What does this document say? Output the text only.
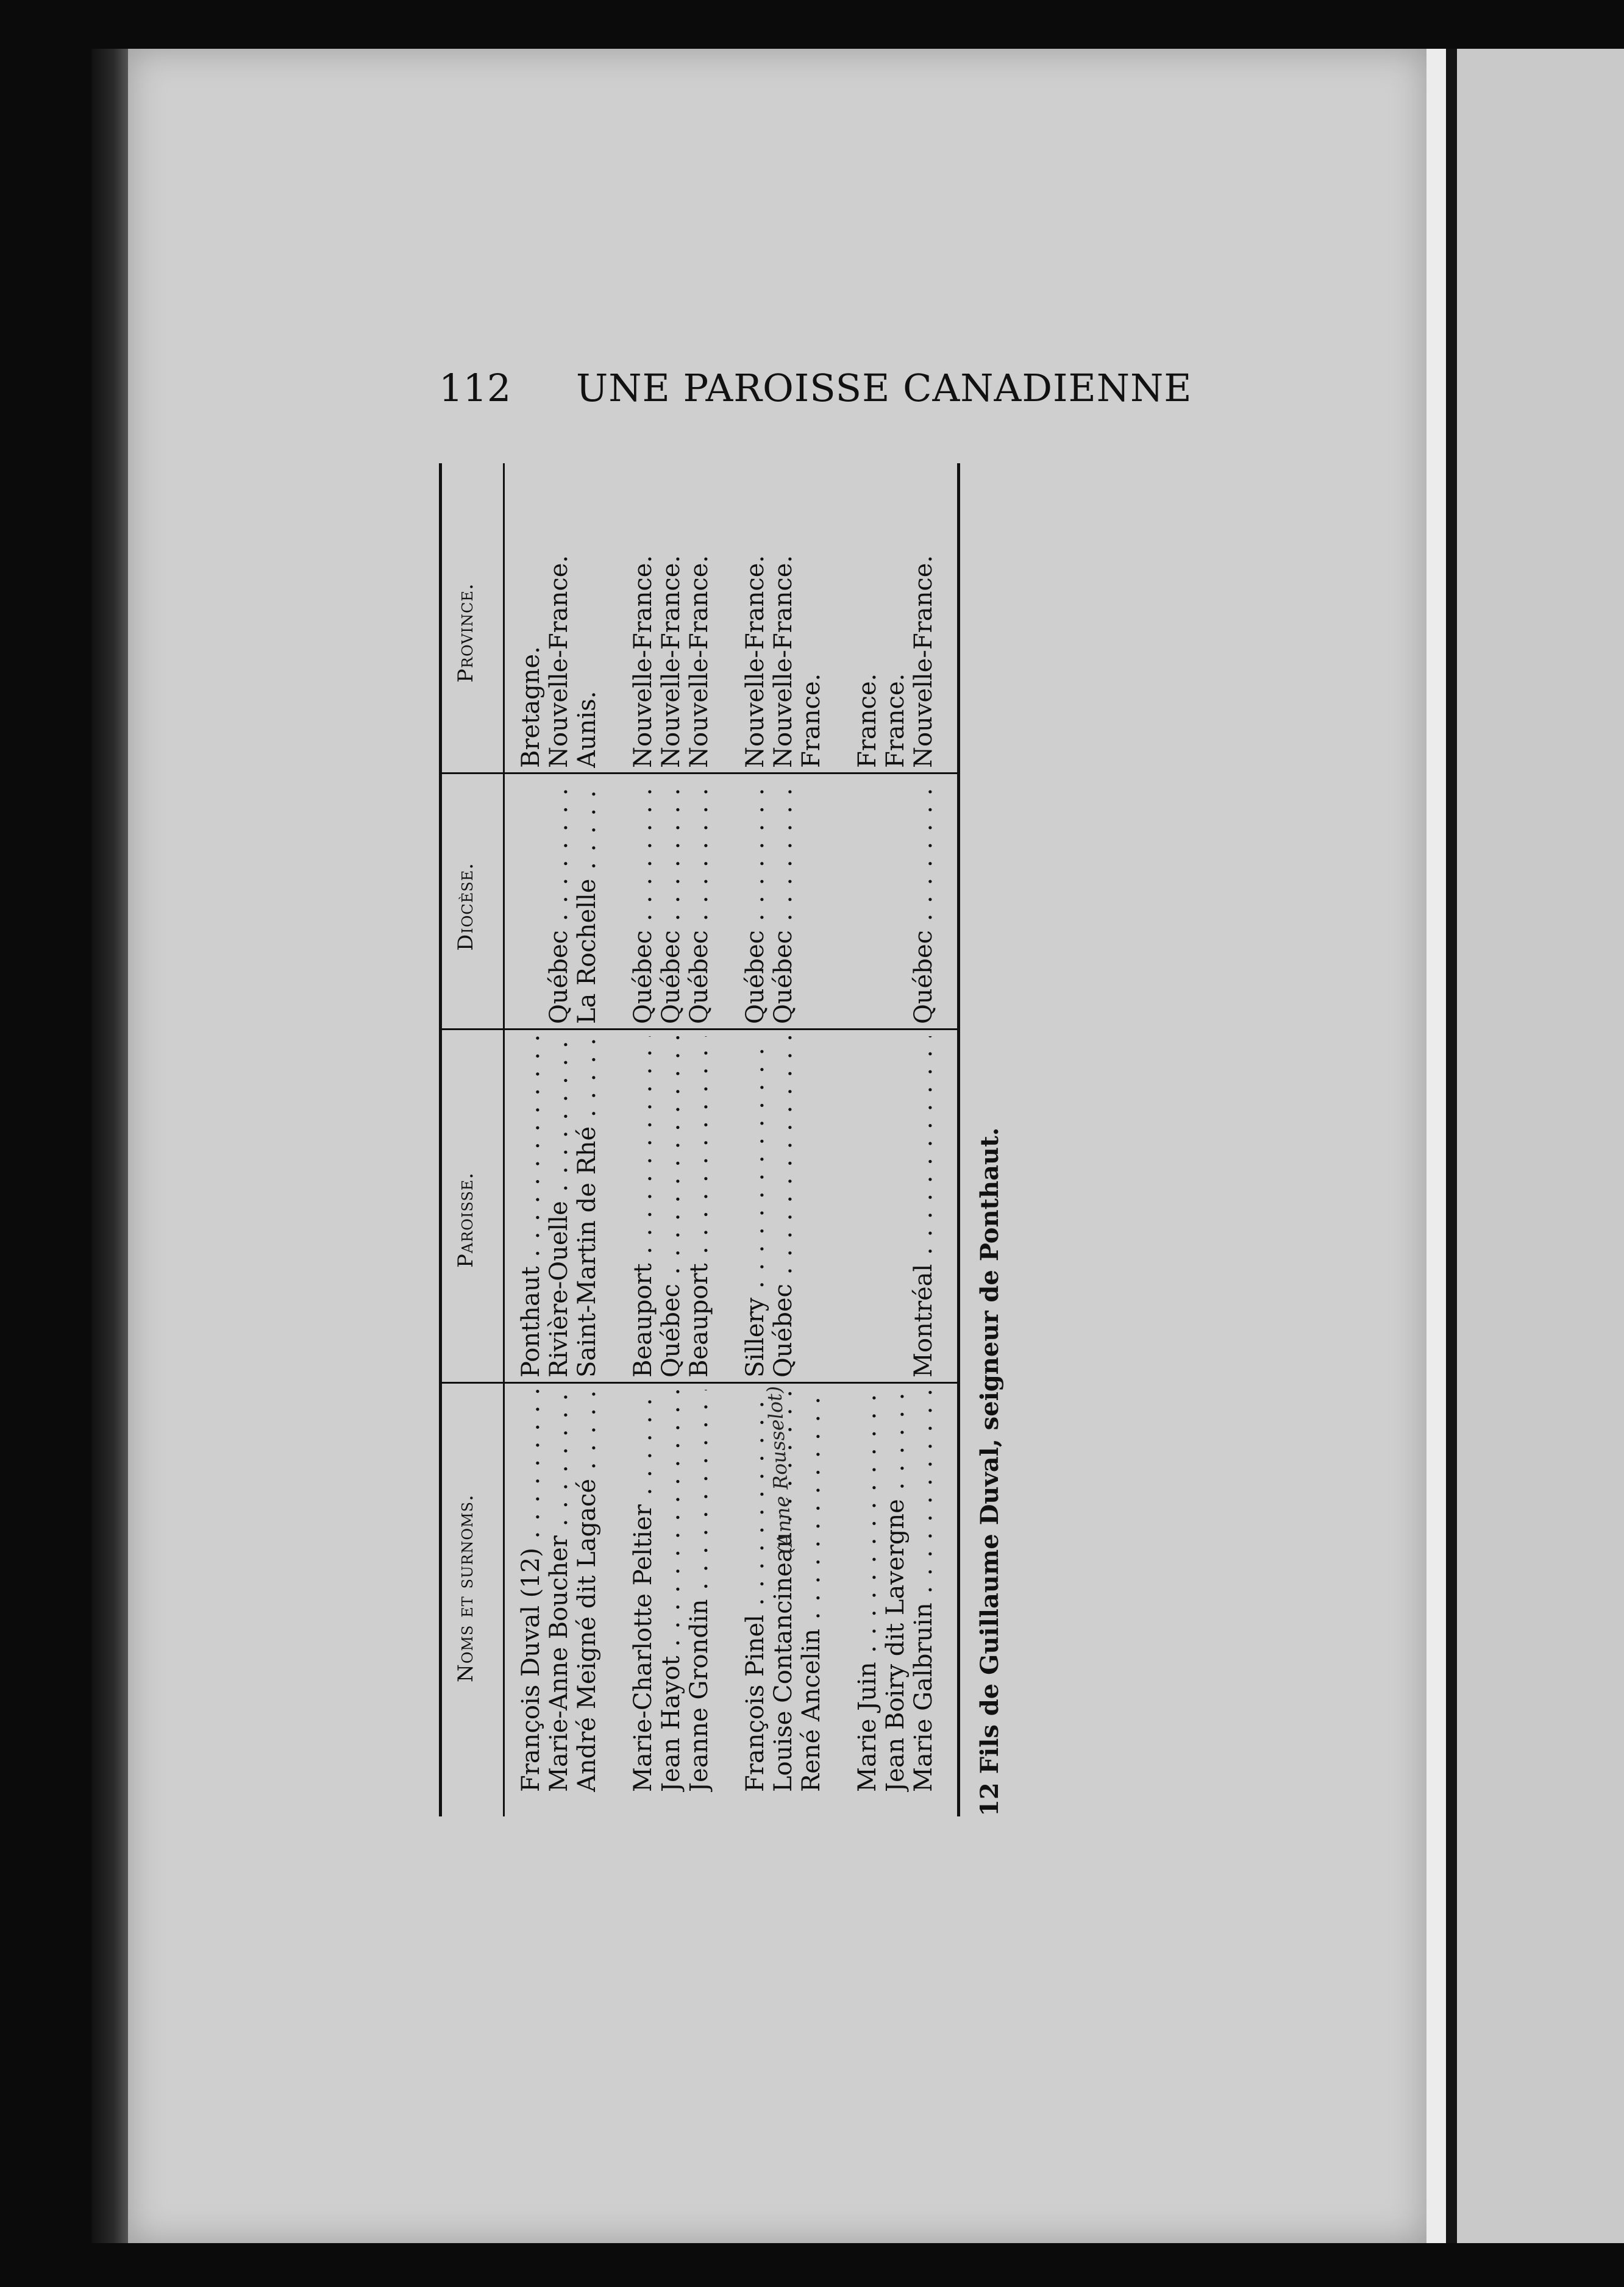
112 UNE PAROISSE CANADIENNE
Noms et surnoms.
Paroisse.
Diocèse.
Province.
François Duval (12) . . .
Ponthaut . . .
Bretagne.
Marie-Anne Boucher . . .
Rivière-Ouelle . . .
Québec . . .
Nouvelle-France.
André Meigné dit Lagacé . . .
Saint-Martin de Rhé . . .
La Rochelle . . .
Aunis.
Marie-Charlotte Peltier . . .
Beauport . . .
Québec . . .
Nouvelle-France.
Jean Hayot . . .
Québec . . .
Québec . . .
Nouvelle-France.
Jeanne Grondin . . .
Beauport . . .
Québec . . .
Nouvelle-France.
François Pinel . . .
Sillery . . .
Québec . . .
Nouvelle-France.
Louise Contancineau . . .
Québec . . .
Québec . . .
Nouvelle-France.
René Ancelin . . .
France.
Marie Juin . . .
France.
Jean Boiry dit Lavergne . . .
France.
Marie Galbruin . . .
Montréal . . .
Québec . . .
Nouvelle-France.
(Anne Rousselot)	12 Fils de Guillaume Duval, seigneur de Ponthaut.
